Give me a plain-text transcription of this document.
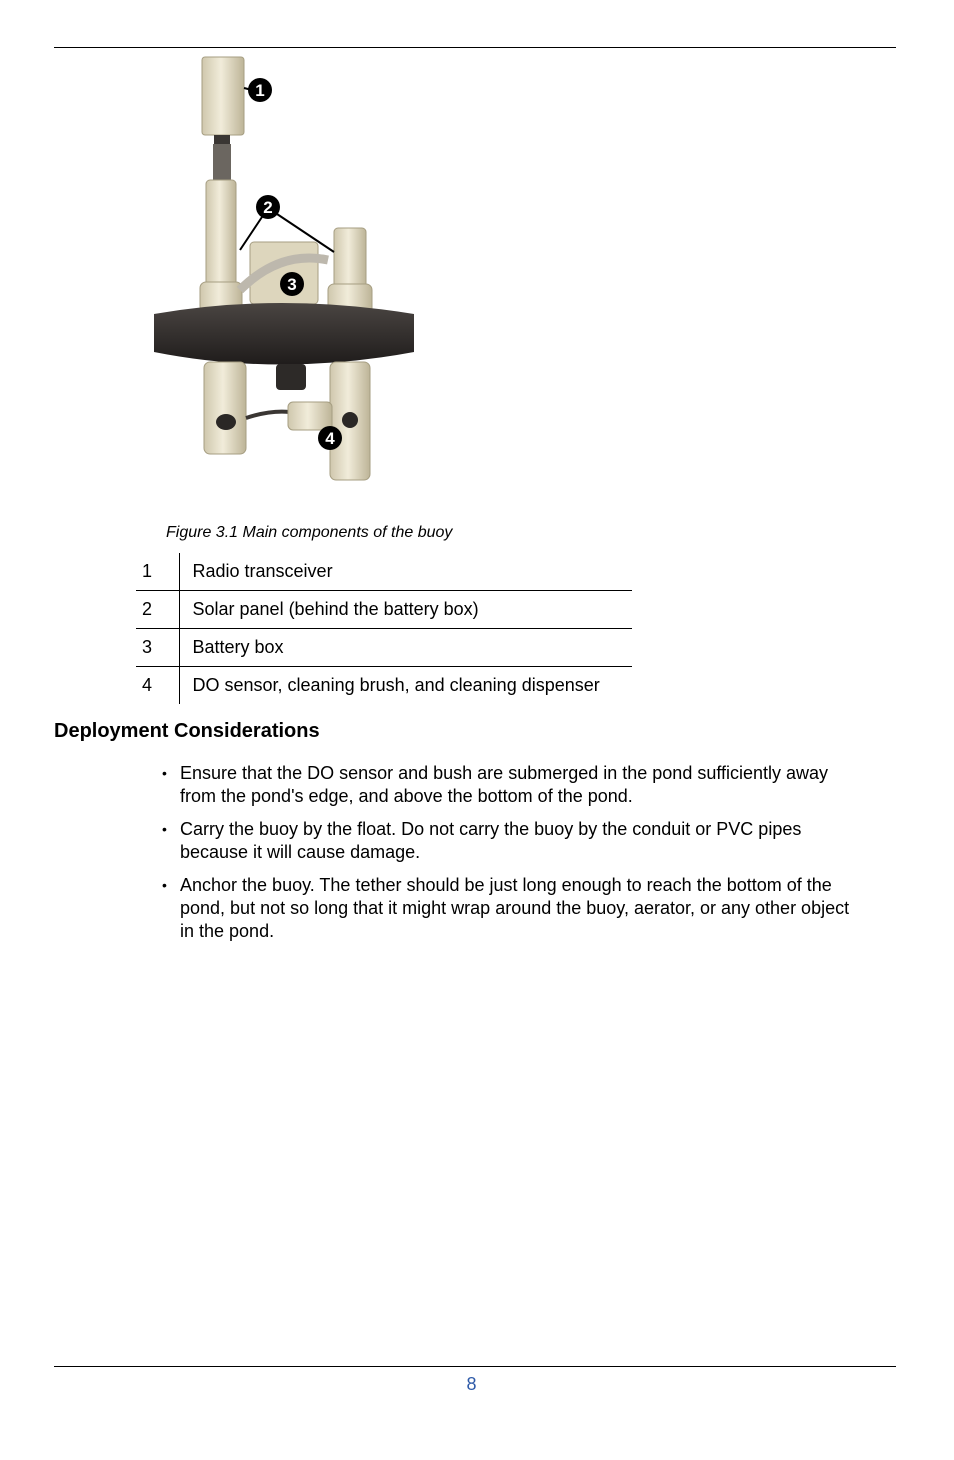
1
2
3
4
Figure 3.1 Main components of the buoy
1	Radio transceiver
2	Solar panel (behind the battery box)
3	Battery box
4	DO sensor, cleaning brush, and cleaning dispenser
Deployment Considerations
• Ensure that the DO sensor and bush are submerged in the pond sufficiently away from the pond's edge, and above the bottom of the pond.
• Carry the buoy by the float. Do not carry the buoy by the conduit or PVC pipes because it will cause damage.
• Anchor the buoy. The tether should be just long enough to reach the bottom of the pond, but not so long that it might wrap around the buoy, aerator, or any other object in the pond.
8
